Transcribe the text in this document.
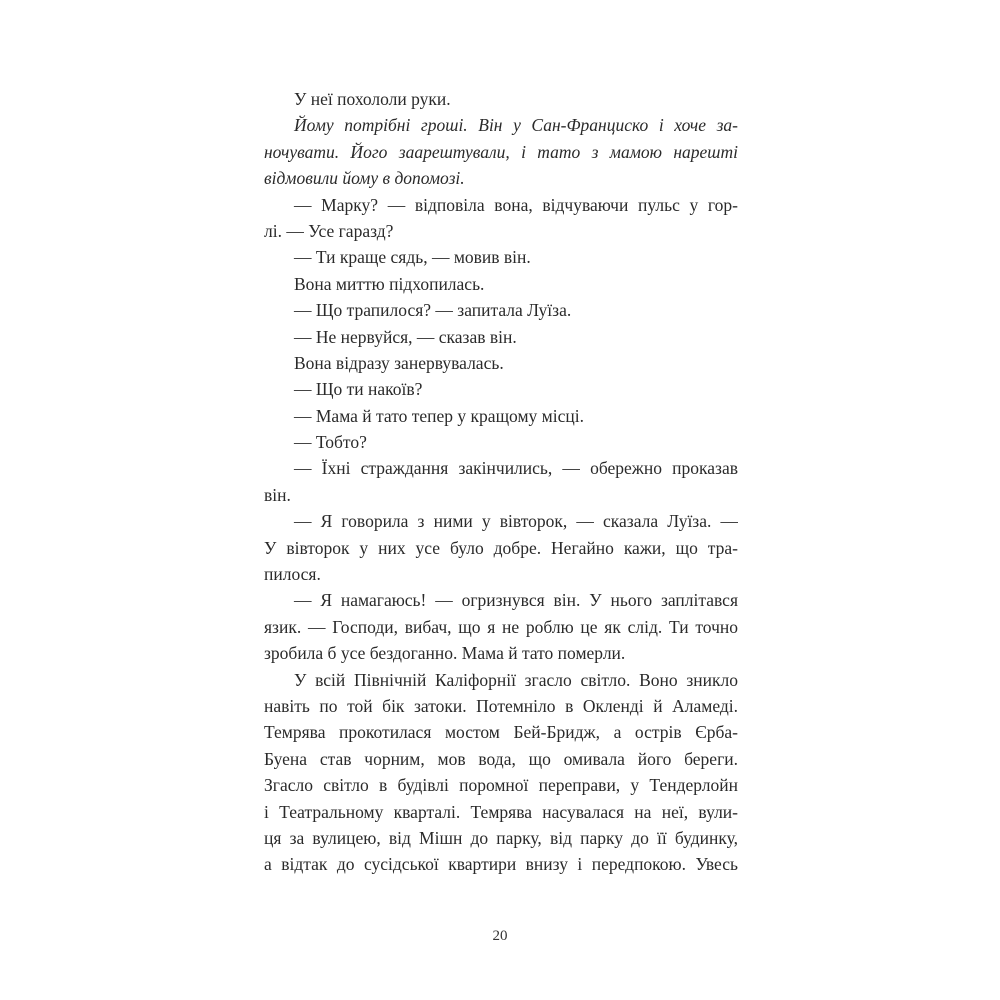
У неї похололи руки.
Йому потрібні гроші. Він у Сан-Франциско і хоче за-
ночувати. Його заарештували, і тато з мамою нарешті
відмовили йому в допомозі.
— Марку? — відповіла вона, відчуваючи пульс у гор-
лі. — Усе гаразд?
— Ти краще сядь, — мовив він.
Вона миттю підхопилась.
— Що трапилося? — запитала Луїза.
— Не нервуйся, — сказав він.
Вона відразу занервувалась.
— Що ти накоїв?
— Мама й тато тепер у кращому місці.
— Тобто?
— Їхні страждання закінчились, — обережно проказав
він.
— Я говорила з ними у вівторок, — сказала Луїза. —
У вівторок у них усе було добре. Негайно кажи, що тра-
пилося.
— Я намагаюсь! — огризнувся він. У нього заплітався
язик. — Господи, вибач, що я не роблю це як слід. Ти точно
зробила б усе бездоганно. Мама й тато померли.
У всій Північній Каліфорнії згасло світло. Воно зникло
навіть по той бік затоки. Потемніло в Окленді й Аламеді.
Темрява прокотилася мостом Бей-Бридж, а острів Єрба-
Буена став чорним, мов вода, що омивала його береги.
Згасло світло в будівлі поромної переправи, у Тендерлойн
і Театральному кварталі. Темрява насувалася на неї, вули-
ця за вулицею, від Мішн до парку, від парку до її будинку,
а відтак до сусідської квартири внизу і передпокою. Увесь
20
